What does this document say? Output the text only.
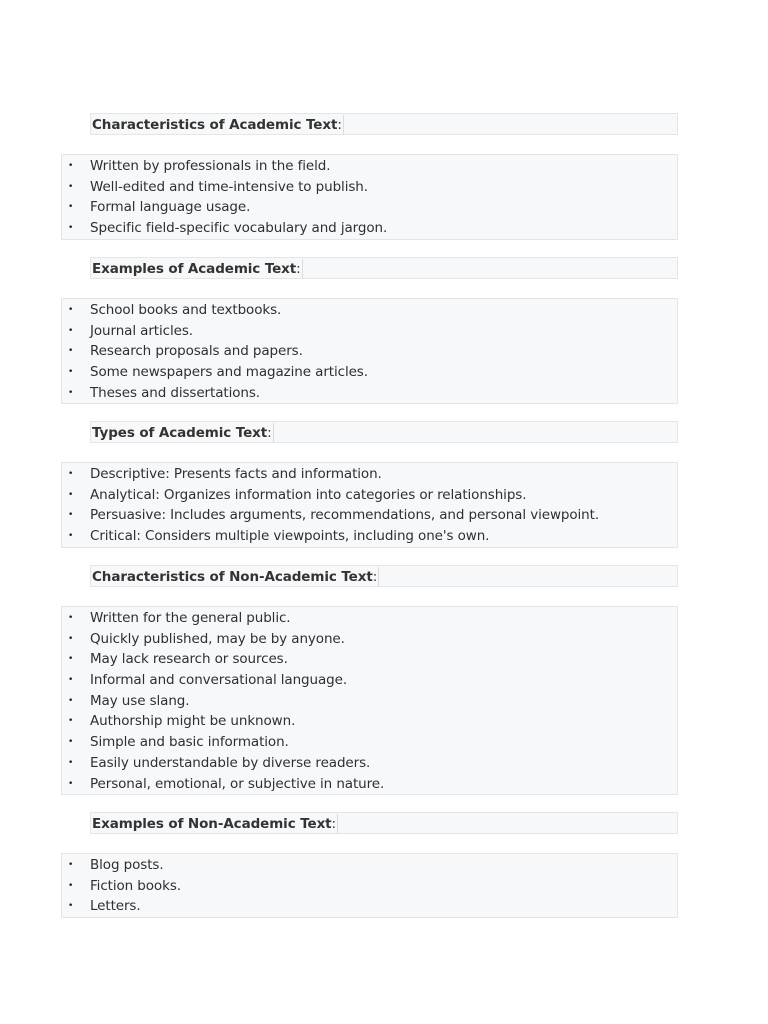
Characteristics of Academic Text:
• Written by professionals in the field.
• Well-edited and time-intensive to publish.
• Formal language usage.
• Specific field-specific vocabulary and jargon.
Examples of Academic Text:
• School books and textbooks.
• Journal articles.
• Research proposals and papers.
• Some newspapers and magazine articles.
• Theses and dissertations.
Types of Academic Text:
• Descriptive: Presents facts and information.
• Analytical: Organizes information into categories or relationships.
• Persuasive: Includes arguments, recommendations, and personal viewpoint.
• Critical: Considers multiple viewpoints, including one's own.
Characteristics of Non-Academic Text:
• Written for the general public.
• Quickly published, may be by anyone.
• May lack research or sources.
• Informal and conversational language.
• May use slang.
• Authorship might be unknown.
• Simple and basic information.
• Easily understandable by diverse readers.
• Personal, emotional, or subjective in nature.
Examples of Non-Academic Text:
• Blog posts.
• Fiction books.
• Letters.
